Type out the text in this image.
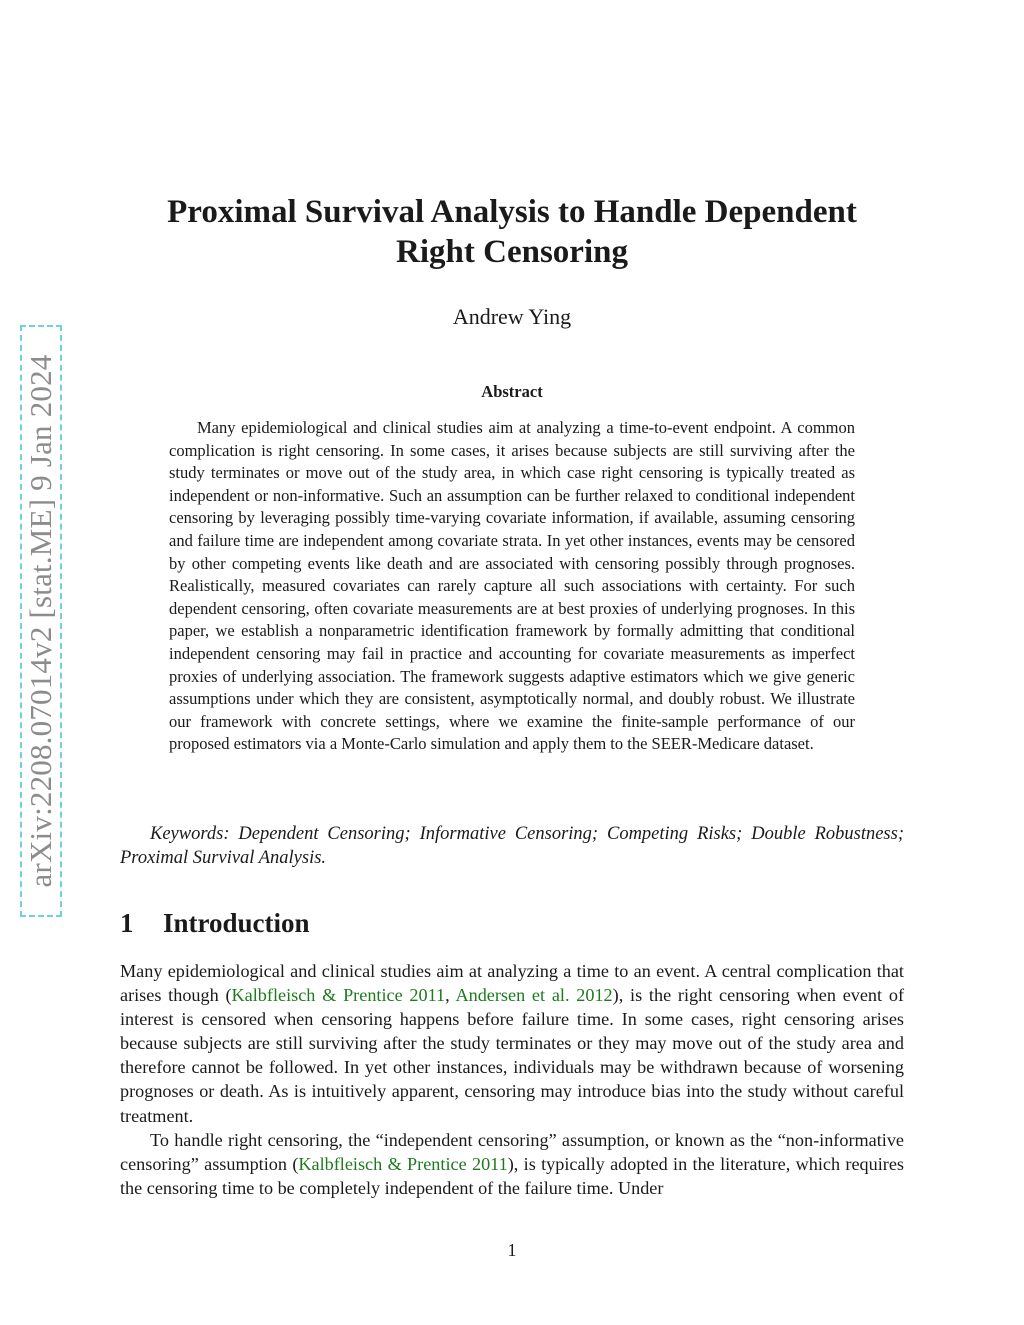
arXiv:2208.07014v2 [stat.ME] 9 Jan 2024
Proximal Survival Analysis to Handle Dependent
Right Censoring
Andrew Ying
Abstract

Many epidemiological and clinical studies aim at analyzing a time-to-event endpoint. A common complication is right censoring. In some cases, it arises because subjects are still surviving after the study terminates or move out of the study area, in which case right censoring is typically treated as independent or non-informative. Such an assumption can be further relaxed to conditional independent censoring by leveraging possibly time-varying covariate information, if available, assuming censoring and failure time are independent among covariate strata. In yet other instances, events may be censored by other competing events like death and are associated with censoring possibly through prognoses. Realistically, measured covariates can rarely capture all such associations with certainty. For such dependent censoring, often covariate measurements are at best proxies of underlying prognoses. In this paper, we establish a nonparametric identification framework by formally admitting that conditional independent censoring may fail in practice and accounting for covariate measurements as imperfect proxies of underlying association. The framework suggests adaptive estimators which we give generic assumptions under which they are consistent, asymptotically normal, and doubly robust. We illustrate our framework with concrete settings, where we examine the finite-sample performance of our proposed estimators via a Monte-Carlo simulation and apply them to the SEER-Medicare dataset.

Keywords: Dependent Censoring; Informative Censoring; Competing Risks; Double Robustness; Proximal Survival Analysis.

1 Introduction

Many epidemiological and clinical studies aim at analyzing a time to an event. A central complication that arises though (Kalbfleisch & Prentice 2011, Andersen et al. 2012), is the right censoring when event of interest is censored when censoring happens before failure time. In some cases, right censoring arises because subjects are still surviving after the study terminates or they may move out of the study area and therefore cannot be followed. In yet other instances, individuals may be withdrawn because of worsening prognoses or death. As is intuitively apparent, censoring may introduce bias into the study without careful treatment.

To handle right censoring, the “independent censoring” assumption, or known as the “non-informative censoring” assumption (Kalbfleisch & Prentice 2011), is typically adopted in the literature, which requires the censoring time to be completely independent of the failure time. Under

1
